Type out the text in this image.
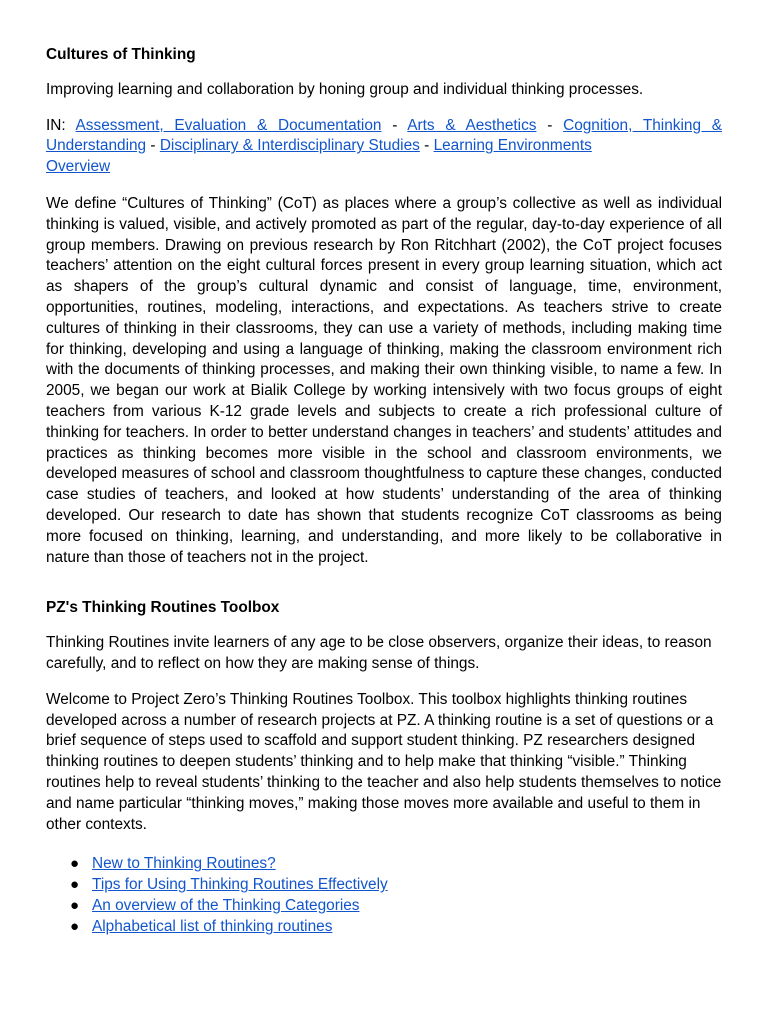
Cultures of Thinking

Improving learning and collaboration by honing group and individual thinking processes.

IN: Assessment, Evaluation & Documentation - Arts & Aesthetics - Cognition, Thinking & Understanding - Disciplinary & Interdisciplinary Studies - Learning Environments
Overview

We define “Cultures of Thinking” (CoT) as places where a group’s collective as well as individual thinking is valued, visible, and actively promoted as part of the regular, day-to-day experience of all group members. Drawing on previous research by Ron Ritchhart (2002), the CoT project focuses teachers’ attention on the eight cultural forces present in every group learning situation, which act as shapers of the group’s cultural dynamic and consist of language, time, environment, opportunities, routines, modeling, interactions, and expectations. As teachers strive to create cultures of thinking in their classrooms, they can use a variety of methods, including making time for thinking, developing and using a language of thinking, making the classroom environment rich with the documents of thinking processes, and making their own thinking visible, to name a few. In 2005, we began our work at Bialik College by working intensively with two focus groups of eight teachers from various K-12 grade levels and subjects to create a rich professional culture of thinking for teachers. In order to better understand changes in teachers’ and students’ attitudes and practices as thinking becomes more visible in the school and classroom environments, we developed measures of school and classroom thoughtfulness to capture these changes, conducted case studies of teachers, and looked at how students’ understanding of the area of thinking developed. Our research to date has shown that students recognize CoT classrooms as being more focused on thinking, learning, and understanding, and more likely to be collaborative in nature than those of teachers not in the project.

PZ's Thinking Routines Toolbox

Thinking Routines invite learners of any age to be close observers, organize their ideas, to reason carefully, and to reflect on how they are making sense of things.

Welcome to Project Zero’s Thinking Routines Toolbox. This toolbox highlights thinking routines developed across a number of research projects at PZ. A thinking routine is a set of questions or a brief sequence of steps used to scaffold and support student thinking. PZ researchers designed thinking routines to deepen students’ thinking and to help make that thinking “visible.” Thinking routines help to reveal students’ thinking to the teacher and also help students themselves to notice and name particular “thinking moves,” making those moves more available and useful to them in other contexts.

● New to Thinking Routines?
● Tips for Using Thinking Routines Effectively
● An overview of the Thinking Categories
● Alphabetical list of thinking routines
